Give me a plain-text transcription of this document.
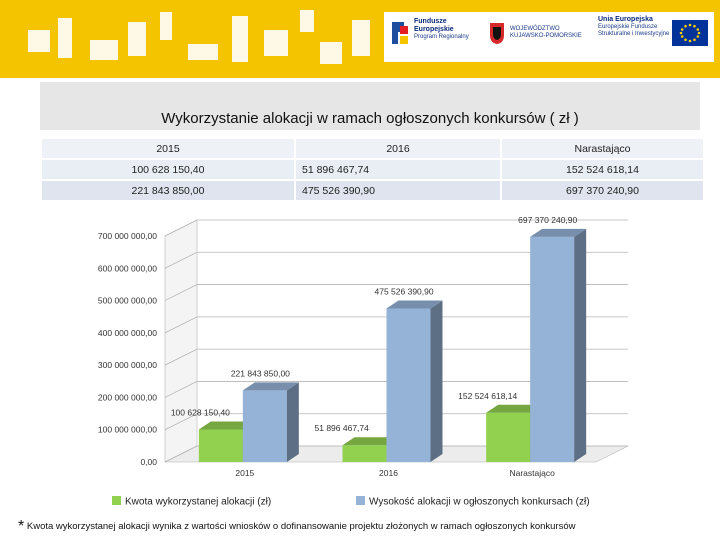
Fundusze
Europejskie
Program Regionalny
WOJEWÓDZTWO
KUJAWSKO-POMORSKIE
Unia Europejska
Europejskie Fundusze
Strukturalne i Inwestycyjne
Wykorzystanie alokacji w ramach ogłoszonych konkursów ( zł )
2015	2016	Narastająco
100 628 150,40	51 896 467,74	152 524 618,14
221 843 850,00	475 526 390,90	697 370 240,90
0,00
100 000 000,00
200 000 000,00
300 000 000,00
400 000 000,00
500 000 000,00
600 000 000,00
700 000 000,00
100 628 150,40
221 843 850,00
2015
51 896 467,74
475 526 390,90
2016
152 524 618,14
697 370 240,90
Narastająco
Kwota wykorzystanej alokacji (zł)	Wysokość alokacji w ogłoszonych konkursach (zł)
* Kwota wykorzystanej alokacji wynika z wartości wniosków o dofinansowanie projektu złożonych w ramach ogłoszonych konkursów
